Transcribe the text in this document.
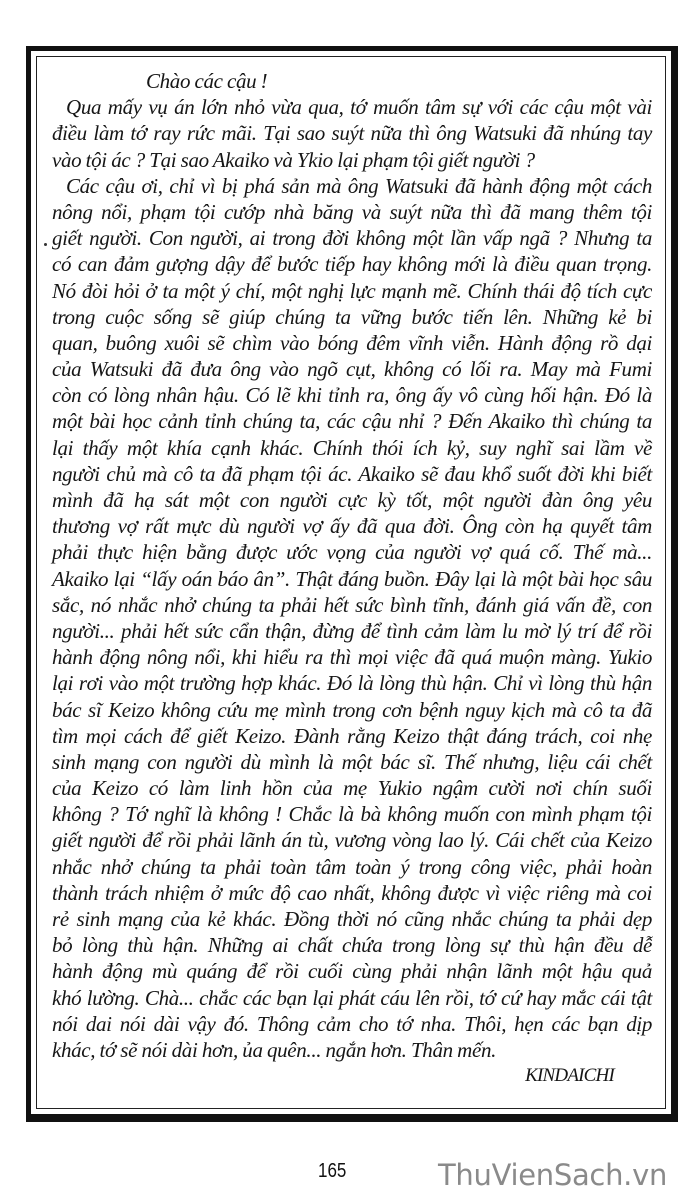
Chào các cậu !
Qua mấy vụ án lớn nhỏ vừa qua, tớ muốn tâm sự với các cậu một vài
điều làm tớ ray rức mãi. Tại sao suýt nữa thì ông Watsuki đã nhúng tay
vào tội ác ? Tại sao Akaiko và Ykio lại phạm tội giết người ?
Các cậu ơi, chỉ vì bị phá sản mà ông Watsuki đã hành động một cách
nông nổi, phạm tội cướp nhà băng và suýt nữa thì đã mang thêm tội
giết người. Con người, ai trong đời không một lần vấp ngã ? Nhưng ta
có can đảm gượng dậy để bước tiếp hay không mới là điều quan trọng.
Nó đòi hỏi ở ta một ý chí, một nghị lực mạnh mẽ. Chính thái độ tích cực
trong cuộc sống sẽ giúp chúng ta vững bước tiến lên. Những kẻ bi
quan, buông xuôi sẽ chìm vào bóng đêm vĩnh viễn. Hành động rồ dại
của Watsuki đã đưa ông vào ngõ cụt, không có lối ra. May mà Fumi
còn có lòng nhân hậu. Có lẽ khi tỉnh ra, ông ấy vô cùng hối hận. Đó là
một bài học cảnh tỉnh chúng ta, các cậu nhỉ ? Đến Akaiko thì chúng ta
lại thấy một khía cạnh khác. Chính thói ích kỷ, suy nghĩ sai lầm về
người chủ mà cô ta đã phạm tội ác. Akaiko sẽ đau khổ suốt đời khi biết
mình đã hạ sát một con người cực kỳ tốt, một người đàn ông yêu
thương vợ rất mực dù người vợ ấy đã qua đời. Ông còn hạ quyết tâm
phải thực hiện bằng được ước vọng của người vợ quá cố. Thế mà...
Akaiko lại “lấy oán báo ân”. Thật đáng buồn. Đây lại là một bài học sâu
sắc, nó nhắc nhở chúng ta phải hết sức bình tĩnh, đánh giá vấn đề, con
người... phải hết sức cẩn thận, đừng để tình cảm làm lu mờ lý trí để rồi
hành động nông nổi, khi hiểu ra thì mọi việc đã quá muộn màng. Yukio
lại rơi vào một trường hợp khác. Đó là lòng thù hận. Chỉ vì lòng thù hận
bác sĩ Keizo không cứu mẹ mình trong cơn bệnh nguy kịch mà cô ta đã
tìm mọi cách để giết Keizo. Đành rằng Keizo thật đáng trách, coi nhẹ
sinh mạng con người dù mình là một bác sĩ. Thế nhưng, liệu cái chết
của Keizo có làm linh hồn của mẹ Yukio ngậm cười nơi chín suối
không ? Tớ nghĩ là không ! Chắc là bà không muốn con mình phạm tội
giết người để rồi phải lãnh án tù, vương vòng lao lý. Cái chết của Keizo
nhắc nhở chúng ta phải toàn tâm toàn ý trong công việc, phải hoàn
thành trách nhiệm ở mức độ cao nhất, không được vì việc riêng mà coi
rẻ sinh mạng của kẻ khác. Đồng thời nó cũng nhắc chúng ta phải dẹp
bỏ lòng thù hận. Những ai chất chứa trong lòng sự thù hận đều dễ
hành động mù quáng để rồi cuối cùng phải nhận lãnh một hậu quả
khó lường. Chà... chắc các bạn lại phát cáu lên rồi, tớ cứ hay mắc cái tật
nói dai nói dài vậy đó. Thông cảm cho tớ nha. Thôi, hẹn các bạn dịp
khác, tớ sẽ nói dài hơn, ủa quên... ngắn hơn. Thân mến.
KINDAICHI
165	ThuVienSach.vn
